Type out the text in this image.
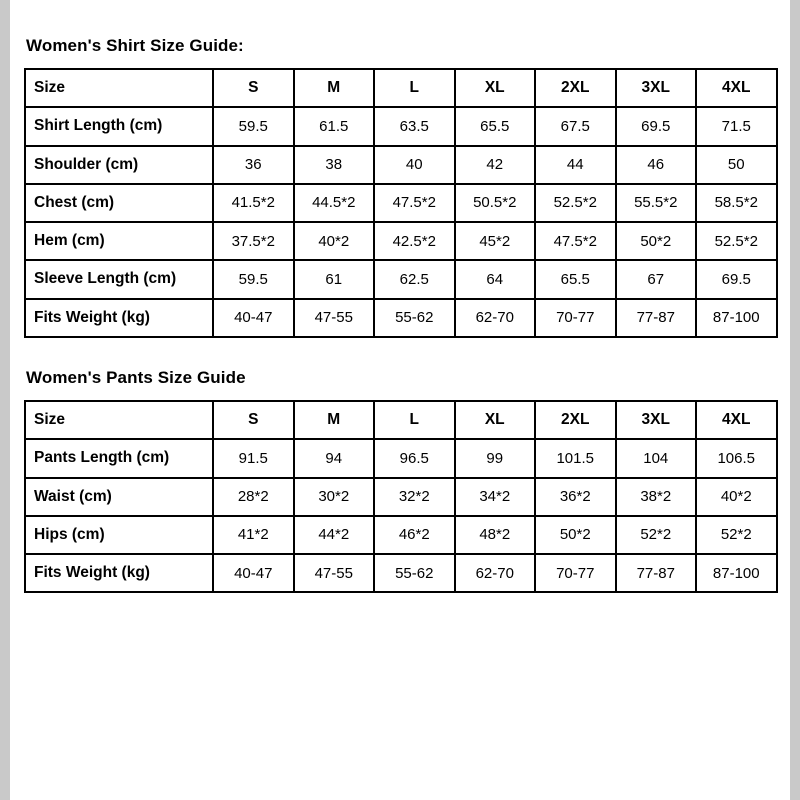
Women's Shirt Size Guide:
Size	S	M	L	XL	2XL	3XL	4XL
Shirt Length (cm)	59.5	61.5	63.5	65.5	67.5	69.5	71.5
Shoulder (cm)	36	38	40	42	44	46	50
Chest (cm)	41.5*2	44.5*2	47.5*2	50.5*2	52.5*2	55.5*2	58.5*2
Hem (cm)	37.5*2	40*2	42.5*2	45*2	47.5*2	50*2	52.5*2
Sleeve Length (cm)	59.5	61	62.5	64	65.5	67	69.5
Fits Weight (kg)	40-47	47-55	55-62	62-70	70-77	77-87	87-100
Women's Pants Size Guide
Size	S	M	L	XL	2XL	3XL	4XL
Pants Length (cm)	91.5	94	96.5	99	101.5	104	106.5
Waist (cm)	28*2	30*2	32*2	34*2	36*2	38*2	40*2
Hips (cm)	41*2	44*2	46*2	48*2	50*2	52*2	52*2
Fits Weight (kg)	40-47	47-55	55-62	62-70	70-77	77-87	87-100
